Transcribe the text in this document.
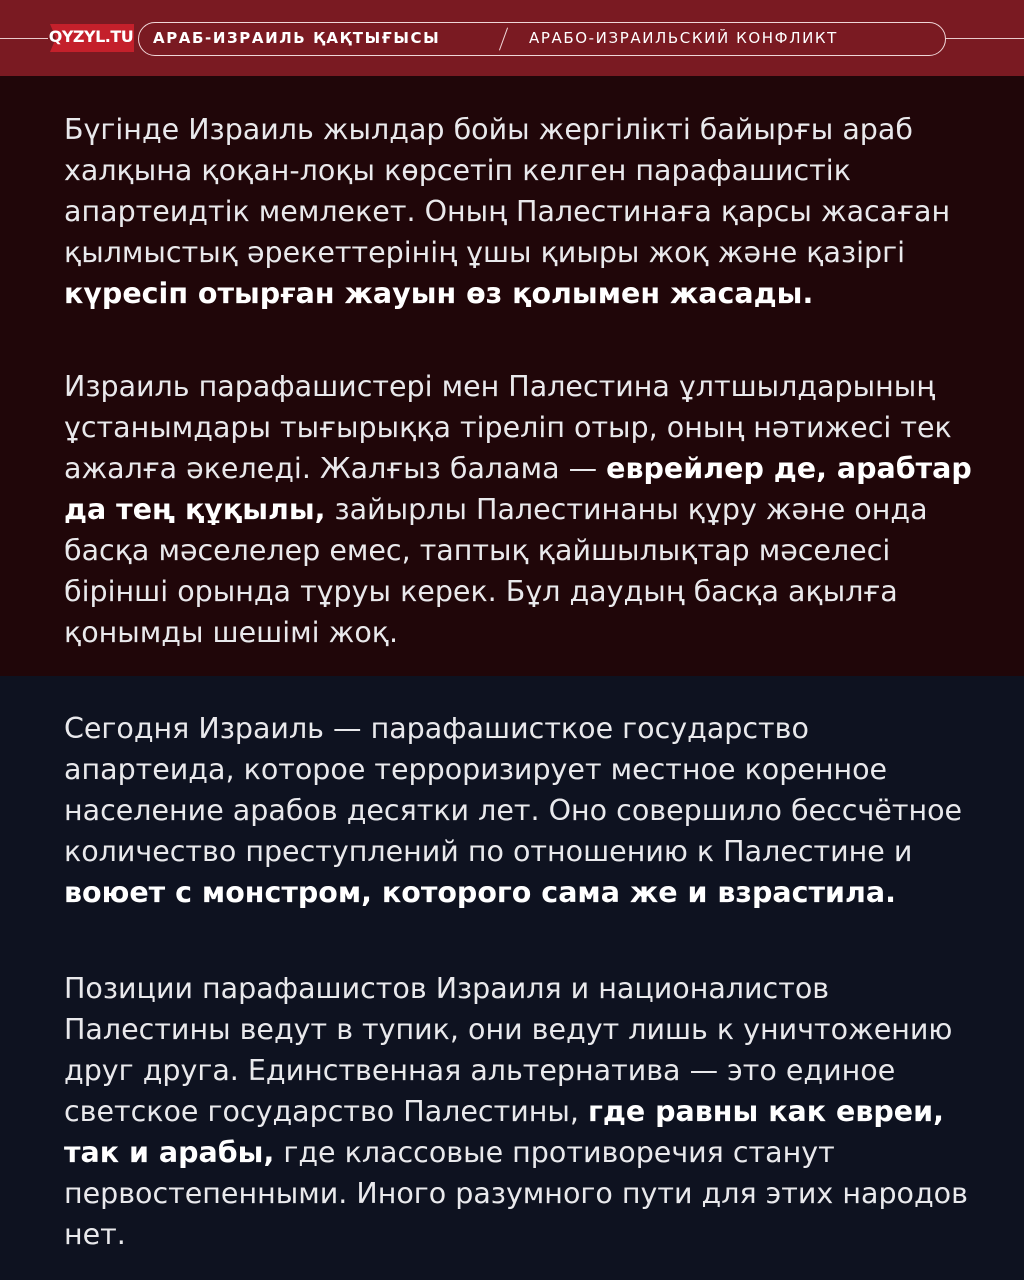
QYZYL.TU	АРАБ-ИЗРАИЛЬ ҚАҚТЫҒЫСЫ	АРАБО-ИЗРАИЛЬСКИЙ КОНФЛИКТ

Бүгінде Израиль жылдар бойы жергілікті байырғы араб халқына қоқан-лоқы көрсетіп келген парафашистік апартеидтік мемлекет. Оның Палестинаға қарсы жасаған қылмыстық әрекеттерінің ұшы қиыры жоқ және қазіргі күресіп отырған жауын өз қолымен жасады.

Израиль парафашистері мен Палестина ұлтшылдарының ұстанымдары тығырыққа тіреліп отыр, оның нәтижесі тек ажалға әкеледі. Жалғыз балама — еврейлер де, арабтар да тең құқылы, зайырлы Палестинаны құру және онда басқа мәселелер емес, таптық қайшылықтар мәселесі бірінші орында тұруы керек. Бұл даудың басқа ақылға қонымды шешімі жоқ.

Сегодня Израиль — парафашисткое государство апартеида, которое терроризирует местное коренное население арабов десятки лет. Оно совершило бессчётное количество преступлений по отношению к Палестине и воюет с монстром, которого сама же и взрастила.

Позиции парафашистов Израиля и националистов Палестины ведут в тупик, они ведут лишь к уничтожению друг друга. Единственная альтернатива — это единое светское государство Палестины, где равны как евреи, так и арабы, где классовые противоречия станут первостепенными. Иного разумного пути для этих народов нет.
